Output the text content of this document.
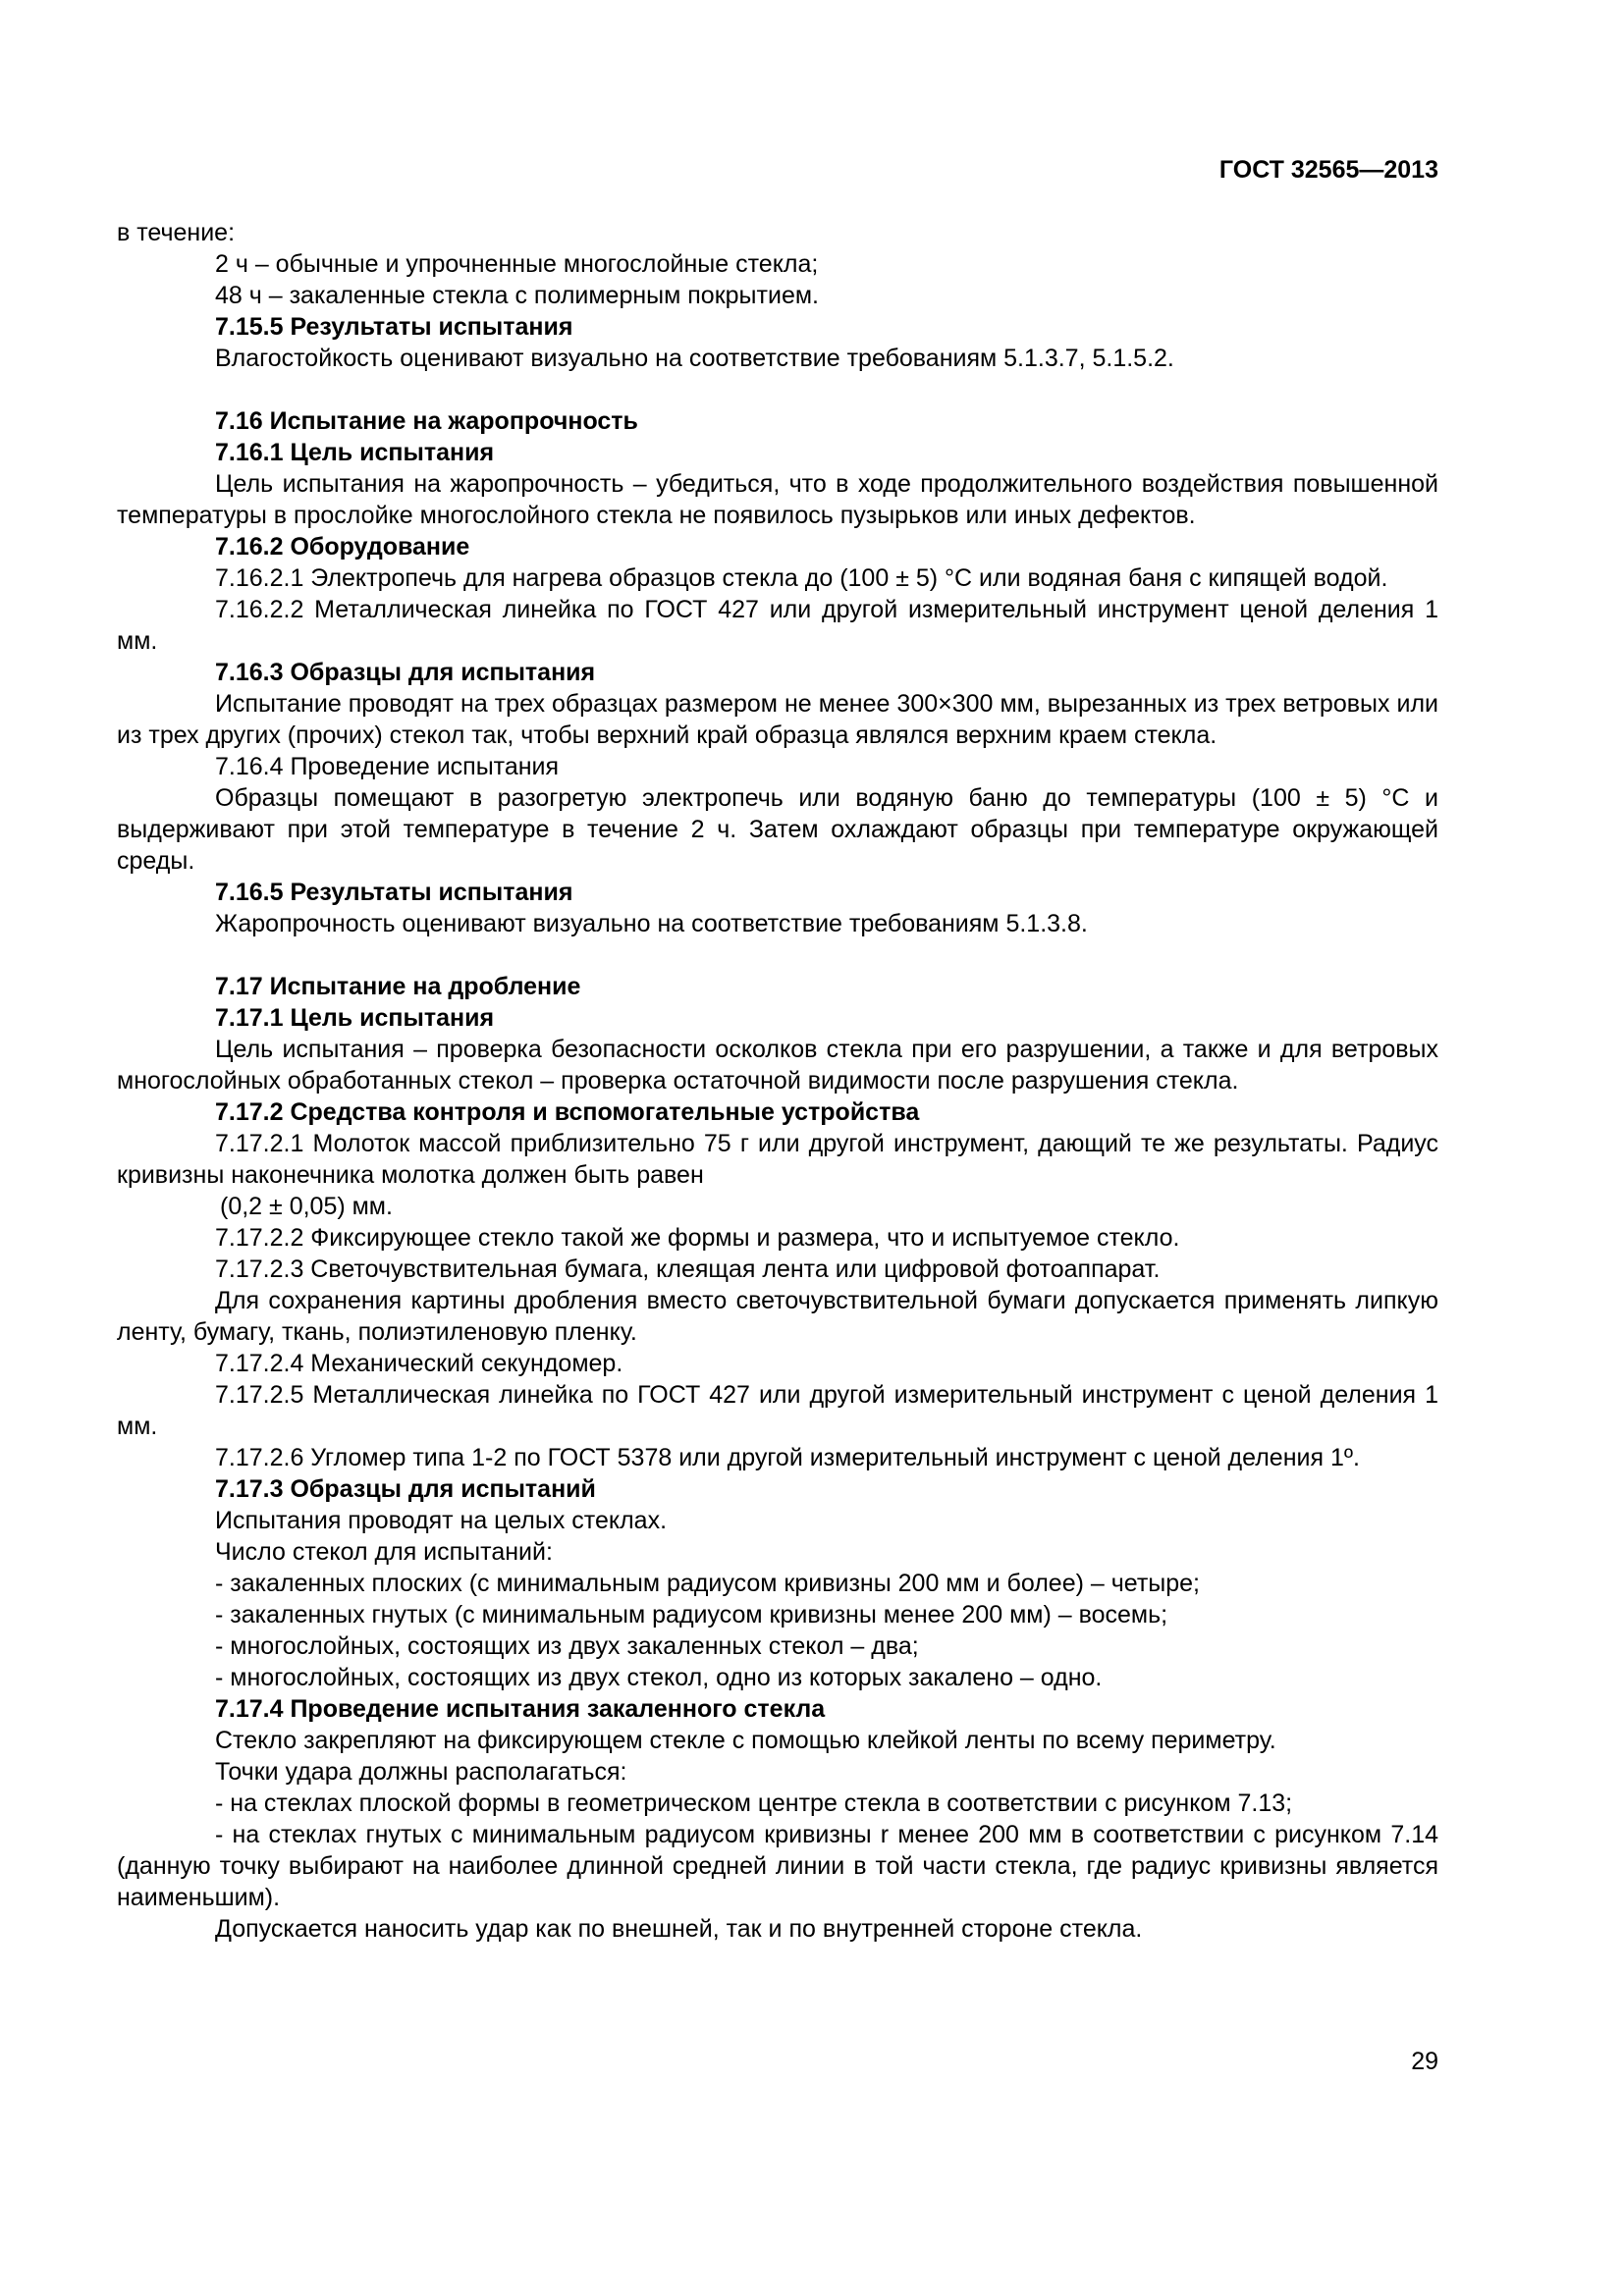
ГОСТ 32565—2013

в течение:

2 ч – обычные и упрочненные многослойные стекла;

48 ч – закаленные стекла с полимерным покрытием.

7.15.5 Результаты испытания

Влагостойкость оценивают визуально на соответствие требованиям 5.1.3.7, 5.1.5.2.

7.16 Испытание на жаропрочность

7.16.1 Цель испытания

Цель испытания на жаропрочность – убедиться, что в ходе продолжительного воздействия повышенной температуры в прослойке многослойного стекла не появилось пузырьков или иных дефектов.

7.16.2 Оборудование

7.16.2.1 Электропечь для нагрева образцов стекла до (100 ± 5) °С или водяная баня с кипящей водой.

7.16.2.2 Металлическая линейка по ГОСТ 427 или другой измерительный инструмент ценой деления 1 мм.

7.16.3 Образцы для испытания

Испытание проводят на трех образцах размером не менее 300×300 мм, вырезанных из трех ветровых или из трех других (прочих) стекол так, чтобы верхний край образца являлся верхним краем стекла.

7.16.4 Проведение испытания

Образцы помещают в разогретую электропечь или водяную баню до температуры (100 ± 5) °С и выдерживают при этой температуре в течение 2 ч. Затем охлаждают образцы при температуре окружающей среды.

7.16.5 Результаты испытания

Жаропрочность оценивают визуально на соответствие требованиям 5.1.3.8.

7.17 Испытание на дробление

7.17.1 Цель испытания

Цель испытания – проверка безопасности осколков стекла при его разрушении, а также и для ветровых многослойных обработанных стекол – проверка остаточной видимости после разрушения стекла.

7.17.2 Средства контроля и вспомогательные устройства

7.17.2.1 Молоток массой приблизительно 75 г или другой инструмент, дающий те же результаты. Радиус кривизны наконечника молотка должен быть равен

(0,2 ± 0,05) мм.

7.17.2.2 Фиксирующее стекло такой же формы и размера, что и испытуемое стекло.

7.17.2.3 Светочувствительная бумага, клеящая лента или цифровой фотоаппарат.

Для сохранения картины дробления вместо светочувствительной бумаги допускается применять липкую ленту, бумагу, ткань, полиэтиленовую пленку.

7.17.2.4 Механический секундомер.

7.17.2.5 Металлическая линейка по ГОСТ 427 или другой измерительный инструмент с ценой деления 1 мм.

7.17.2.6 Угломер типа 1-2 по ГОСТ 5378 или другой измерительный инструмент с ценой деления 1º.

7.17.3 Образцы для испытаний

Испытания проводят на целых стеклах.

Число стекол для испытаний:

- закаленных плоских (с минимальным радиусом кривизны 200 мм и более) – четыре;

- закаленных гнутых (с минимальным радиусом кривизны менее 200 мм) – восемь;

- многослойных, состоящих из двух закаленных стекол – два;

- многослойных, состоящих из двух стекол, одно из которых закалено – одно.

7.17.4 Проведение испытания закаленного стекла

Стекло закрепляют на фиксирующем стекле с помощью клейкой ленты по всему периметру.

Точки удара должны располагаться:

- на стеклах плоской формы в геометрическом центре стекла в соответствии с рисунком 7.13;

- на стеклах гнутых с минимальным радиусом кривизны r менее 200 мм в соответствии с рисунком 7.14 (данную точку выбирают на наиболее длинной средней линии в той части стекла, где радиус кривизны является наименьшим).

Допускается наносить удар как по внешней, так и по внутренней стороне стекла.

29
